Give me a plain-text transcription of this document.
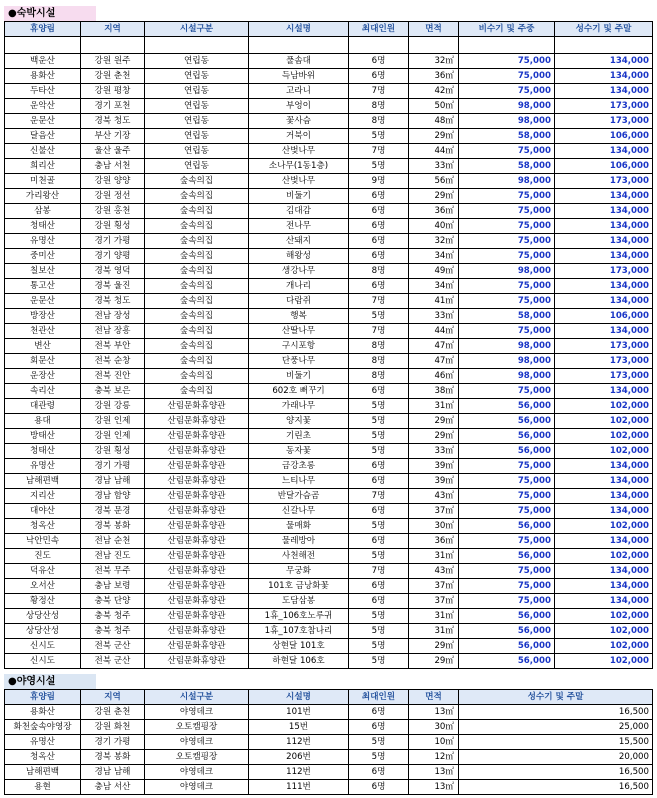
●숙박시설
휴양림	지역	시설구분	시설명	최대인원	면적	비수기 및 주중	성수기 및 주말

백운산	강원 원주	연립동	풀솜대	6명	32㎡	75,000	134,000
용화산	강원 춘천	연립동	득남바위	6명	36㎡	75,000	134,000
두타산	강원 평창	연립동	고라니	7명	42㎡	75,000	134,000
운악산	경기 포천	연립동	부엉이	8명	50㎡	98,000	173,000
운문산	경북 청도	연립동	꽃사슴	8명	48㎡	98,000	173,000
달음산	부산 기장	연립동	거북이	5명	29㎡	58,000	106,000
신불산	울산 울주	연립동	산벚나무	7명	44㎡	75,000	134,000
희리산	충남 서천	연립동	소나무(1동1층)	5명	33㎡	58,000	106,000
미천골	강원 양양	숲속의집	산벚나무	9명	56㎡	98,000	173,000
가리왕산	강원 정선	숲속의집	비둘기	6명	29㎡	75,000	134,000
삼봉	강원 홍천	숲속의집	김대감	6명	36㎡	75,000	134,000
청태산	강원 횡성	숲속의집	전나무	6명	40㎡	75,000	134,000
유명산	경기 가평	숲속의집	산돼지	6명	32㎡	75,000	134,000
중미산	경기 양평	숲속의집	해왕성	6명	34㎡	75,000	134,000
칠보산	경북 영덕	숲속의집	생강나무	8명	49㎡	98,000	173,000
통고산	경북 울진	숲속의집	개나리	6명	34㎡	75,000	134,000
운문산	경북 청도	숲속의집	다람쥐	7명	41㎡	75,000	134,000
방장산	전남 장성	숲속의집	행복	5명	33㎡	58,000	106,000
천관산	전남 장흥	숲속의집	산딸나무	7명	44㎡	75,000	134,000
변산	전북 부안	숲속의집	구시포항	8명	47㎡	98,000	173,000
회문산	전북 순창	숲속의집	단풍나무	8명	47㎡	98,000	173,000
운장산	전북 진안	숲속의집	비둘기	8명	46㎡	98,000	173,000
속리산	충북 보은	숲속의집	602호 뻐꾸기	6명	38㎡	75,000	134,000
대관령	강원 강릉	산림문화휴양관	가래나무	5명	31㎡	56,000	102,000
용대	강원 인제	산림문화휴양관	양지꽃	5명	29㎡	56,000	102,000
방태산	강원 인제	산림문화휴양관	기린초	5명	29㎡	56,000	102,000
청태산	강원 횡성	산림문화휴양관	동자꽃	5명	33㎡	56,000	102,000
유명산	경기 가평	산림문화휴양관	금강초롱	6명	39㎡	75,000	134,000
남해편백	경남 남해	산림문화휴양관	느티나무	6명	39㎡	75,000	134,000
지리산	경남 함양	산림문화휴양관	반달가슴곰	7명	43㎡	75,000	134,000
대야산	경북 문경	산림문화휴양관	신갈나무	6명	37㎡	75,000	134,000
청옥산	경북 봉화	산림문화휴양관	물매화	5명	30㎡	56,000	102,000
낙안민속	전남 순천	산림문화휴양관	물레방아	6명	36㎡	75,000	134,000
진도	전남 진도	산림문화휴양관	사천해전	5명	31㎡	56,000	102,000
덕유산	전북 무주	산림문화휴양관	무궁화	7명	43㎡	75,000	134,000
오서산	충남 보령	산림문화휴양관	101호 금낭화꽃	6명	37㎡	75,000	134,000
황정산	충북 단양	산림문화휴양관	도담삼봉	6명	37㎡	75,000	134,000
상당산성	충북 청주	산림문화휴양관	1휴_106호노루귀	5명	31㎡	56,000	102,000
상당산성	충북 청주	산림문화휴양관	1휴_107호참나리	5명	31㎡	56,000	102,000
신시도	전북 군산	산림문화휴양관	상현달 101호	5명	29㎡	56,000	102,000
신시도	전북 군산	산림문화휴양관	하현달 106호	5명	29㎡	56,000	102,000
●야영시설
휴양림	지역	시설구분	시설명	최대인원	면적	성수기 및 주말
용화산	강원 춘천	야영데크	101번	6명	13㎡	16,500
화천숲속야영장	강원 화천	오토캠핑장	15번	6명	30㎡	25,000
유명산	경기 가평	야영데크	112번	5명	10㎡	15,500
청옥산	경북 봉화	오토캠핑장	206번	5명	12㎡	20,000
남해편백	경남 남해	야영데크	112번	6명	13㎡	16,500
용현	충남 서산	야영데크	111번	6명	13㎡	16,500
